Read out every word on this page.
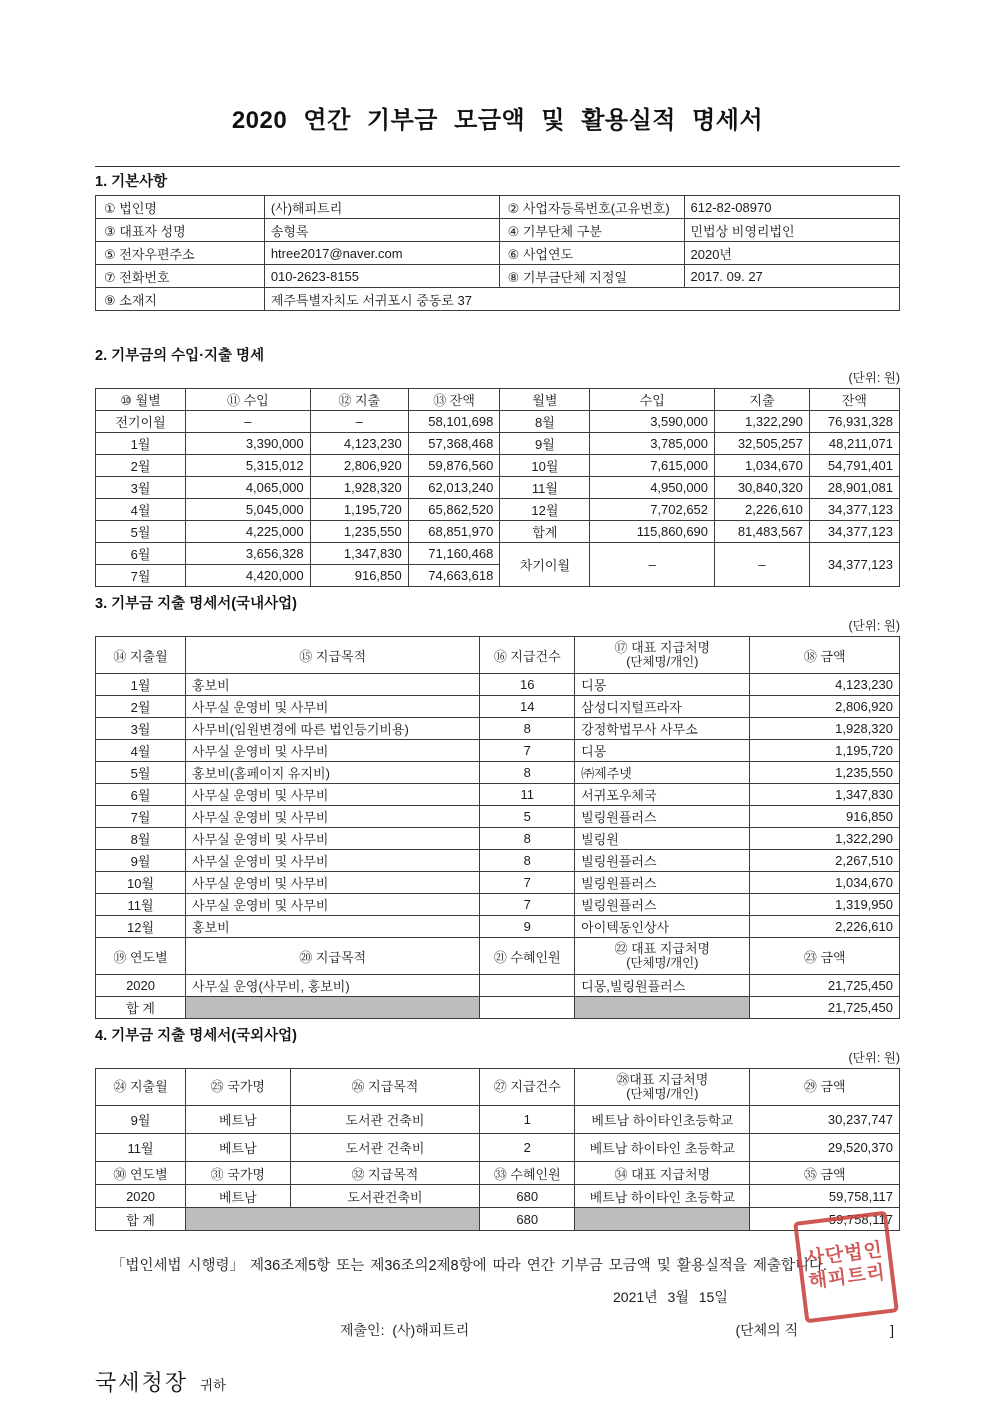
2020 연간 기부금 모금액 및 활용실적 명세서
1. 기본사항
① 법인명	(사)해피트리	② 사업자등록번호(고유번호)	612-82-08970
③ 대표자 성명	송형록	④ 기부단체 구분	민법상 비영리법인
⑤ 전자우편주소	htree2017@naver.com	⑥ 사업연도	2020년
⑦ 전화번호	010-2623-8155	⑧ 기부금단체 지정일	2017. 09. 27
⑨ 소재지	제주특별자치도 서귀포시 중동로 37		
2. 기부금의 수입·지출 명세
(단위: 원)
⑩ 월별	⑪ 수입	⑫ 지출	⑬ 잔액	월별	수입	지출	잔액
전기이월	–	–	58,101,698	8월	3,590,000	1,322,290	76,931,328
1월	3,390,000	4,123,230	57,368,468	9월	3,785,000	32,505,257	48,211,071
2월	5,315,012	2,806,920	59,876,560	10월	7,615,000	1,034,670	54,791,401
3월	4,065,000	1,928,320	62,013,240	11월	4,950,000	30,840,320	28,901,081
4월	5,045,000	1,195,720	65,862,520	12월	7,702,652	2,226,610	34,377,123
5월	4,225,000	1,235,550	68,851,970	합계	115,860,690	81,483,567	34,377,123
6월	3,656,328	1,347,830	71,160,468	차기이월	–	–	34,377,123
7월	4,420,000	916,850	74,663,618				
3. 기부금 지출 명세서(국내사업)
(단위: 원)
⑭ 지출월	⑮ 지급목적	⑯ 지급건수	⑰ 대표 지급처명
(단체명/개인)	⑱ 금액
1월	홍보비	16	디몽	4,123,230
2월	사무실 운영비 및 사무비	14	삼성디지털프라자	2,806,920
3월	사무비(임원변경에 따른 법인등기비용)	8	강정학법무사 사무소	1,928,320
4월	사무실 운영비 및 사무비	7	디몽	1,195,720
5월	홍보비(홈페이지 유지비)	8	㈜제주넷	1,235,550
6월	사무실 운영비 및 사무비	11	서귀포우체국	1,347,830
7월	사무실 운영비 및 사무비	5	빌링원플러스	916,850
8월	사무실 운영비 및 사무비	8	빌링원	1,322,290
9월	사무실 운영비 및 사무비	8	빌링원플러스	2,267,510
10월	사무실 운영비 및 사무비	7	빌링원플러스	1,034,670
11월	사무실 운영비 및 사무비	7	빌링원플러스	1,319,950
12월	홍보비	9	아이텍동인상사	2,226,610
⑲ 연도별	⑳ 지급목적	㉑ 수혜인원	㉒ 대표 지급처명
(단체명/개인)	㉓ 금액
2020	사무실 운영(사무비, 홍보비)		디몽,빌링원플러스	21,725,450
합 계				21,725,450
4. 기부금 지출 명세서(국외사업)
(단위: 원)
㉔ 지출월	㉕ 국가명	㉖ 지급목적	㉗ 지급건수	㉘대표 지급처명
(단체명/개인)	㉙ 금액
9월	베트남	도서관 건축비	1	베트남 하이타인초등학교	30,237,747
11월	베트남	도서관 건축비	2	베트남 하이타인 초등학교	29,520,370
㉚ 연도별	㉛ 국가명	㉜ 지급목적	㉝ 수혜인원	㉞ 대표 지급처명	㉟ 금액
2020	베트남	도서관건축비	680	베트남 하이타인 초등학교	59,758,117
합 계			680		59,758,117

「법인세법 시행령」 제36조제5항 또는 제36조의2제8항에 따라 연간 기부금 모금액 및 활용실적을 제출합니다.

2021년 3월 15일
제출인: (사)해피트리	(단체의 직	]
사단법인
해피트리
국세청장 귀하
